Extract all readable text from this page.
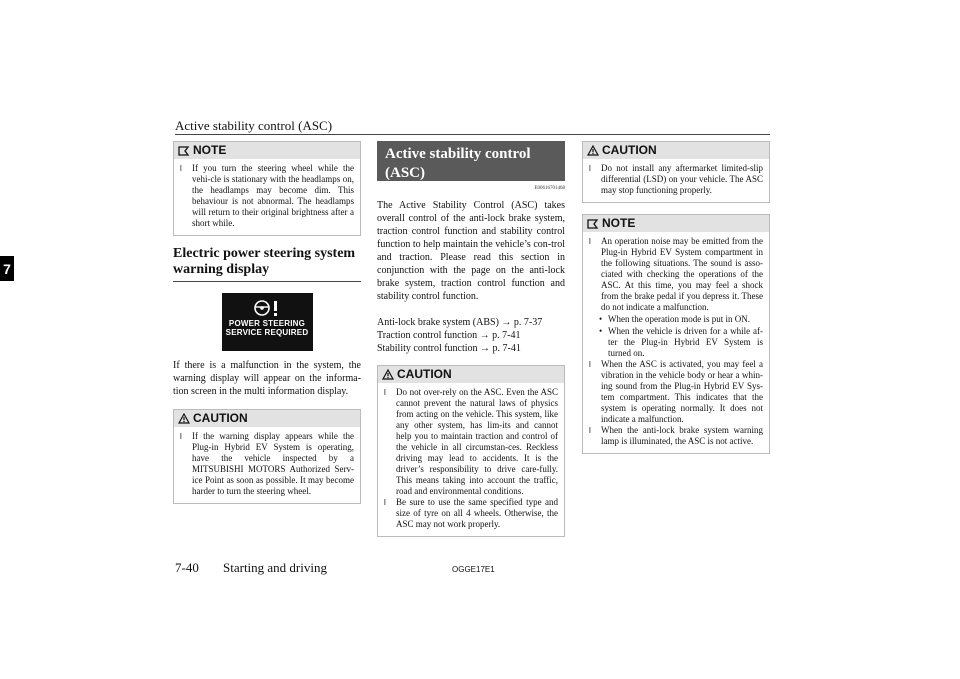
Active stability control (ASC)
7
NOTE
l	If you turn the steering wheel while the vehi-cle is stationary with the headlamps on, the headlamps may become dim. This behaviour is not abnormal. The headlamps will return to their original brightness after a short while.
Electric power steering system warning display
POWER STEERING
SERVICE REQUIRED
If there is a malfunction in the system, the warning display will appear on the informa-tion screen in the multi information display.
CAUTION
l	If the warning display appears while the Plug-in Hybrid EV System is operating, have the vehicle inspected by a MITSUBISHI MOTORS Authorized Serv-ice Point as soon as possible. It may become harder to turn the steering wheel.
Active stability control (ASC)
E00616701468
The Active Stability Control (ASC) takes overall control of the anti-lock brake system, traction control function and stability control function to help maintain the vehicle’s con-trol and traction. Please read this section in conjunction with the page on the anti-lock brake system, traction control function and stability control function.
Anti-lock brake system (ABS) → p. 7-37
Traction control function → p. 7-41
Stability control function → p. 7-41
CAUTION
l	Do not over-rely on the ASC. Even the ASC cannot prevent the natural laws of physics from acting on the vehicle. This system, like any other system, has lim-its and cannot help you to maintain traction and control of the vehicle in all circumstan-ces. Reckless driving may lead to accidents. It is the driver’s responsibility to drive care-fully. This means taking into account the traffic, road and environmental conditions.
l	Be sure to use the same specified type and size of tyre on all 4 wheels. Otherwise, the ASC may not work properly.
CAUTION
l	Do not install any aftermarket limited-slip differential (LSD) on your vehicle. The ASC may stop functioning properly.
NOTE
l	An operation noise may be emitted from the Plug-in Hybrid EV System compartment in the following situations. The sound is asso-ciated with checking the operations of the ASC. At this time, you may feel a shock from the brake pedal if you depress it. These do not indicate a malfunction.
• When the operation mode is put in ON.
• When the vehicle is driven for a while af-ter the Plug-in Hybrid EV System is turned on.
l	When the ASC is activated, you may feel a vibration in the vehicle body or hear a whin-ing sound from the Plug-in Hybrid EV Sys-tem compartment. This indicates that the system is operating normally. It does not indicate a malfunction.
l	When the anti-lock brake system warning lamp is illuminated, the ASC is not active.
7-40 Starting and driving	OGGE17E1
